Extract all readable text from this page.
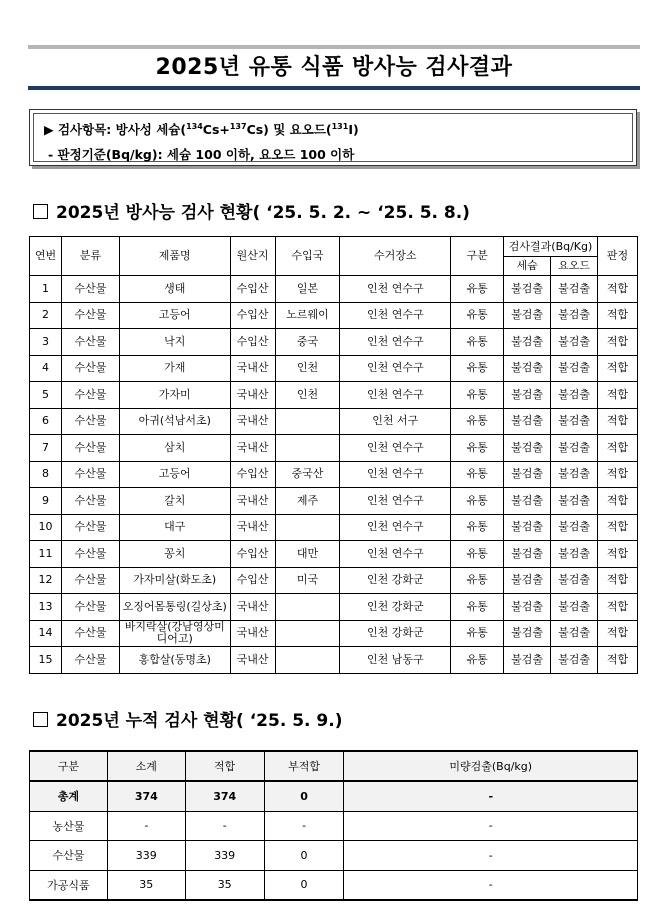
2025년 유통 식품 방사능 검사결과
▶ 검사항목: 방사성 세슘($^{134}$Cs+$^{137}$Cs) 및 요오드($^{131}$I)
- 판정기준(Bq/kg): 세슘 100 이하, 요오드 100 이하
2025년 방사능 검사 현황( ‘25. 5. 2. ~ ‘25. 5. 8.)
연번	분류	제품명	원산지	수입국	수거장소	구분	검사결과(Bq/Kg)		판정
							세슘	요오드	
1	수산물	생태	수입산	일본	인천 연수구	유통	불검출	불검출	적합
2	수산물	고등어	수입산	노르웨이	인천 연수구	유통	불검출	불검출	적합
3	수산물	낙지	수입산	중국	인천 연수구	유통	불검출	불검출	적합
4	수산물	가재	국내산	인천	인천 연수구	유통	불검출	불검출	적합
5	수산물	가자미	국내산	인천	인천 연수구	유통	불검출	불검출	적합
6	수산물	아귀(석남서초)	국내산		인천 서구	유통	불검출	불검출	적합
7	수산물	삼치	국내산		인천 연수구	유통	불검출	불검출	적합
8	수산물	고등어	수입산	중국산	인천 연수구	유통	불검출	불검출	적합
9	수산물	갈치	국내산	제주	인천 연수구	유통	불검출	불검출	적합
10	수산물	대구	국내산		인천 연수구	유통	불검출	불검출	적합
11	수산물	꽁치	수입산	대만	인천 연수구	유통	불검출	불검출	적합
12	수산물	가자미살(화도초)	수입산	미국	인천 강화군	유통	불검출	불검출	적합
13	수산물	오징어몸통링(길상초)	국내산		인천 강화군	유통	불검출	불검출	적합
14	수산물	바지락살(강남영상미디어고)	국내산		인천 강화군	유통	불검출	불검출	적합
15	수산물	홍합살(동명초)	국내산		인천 남동구	유통	불검출	불검출	적합
2025년 누적 검사 현황( ‘25. 5. 9.)
구분	소계	적합	부적합	미량검출(Bq/kg)
총계	374	374	0	-
농산물	-	-	-	-
수산물	339	339	0	-
가공식품	35	35	0	-
